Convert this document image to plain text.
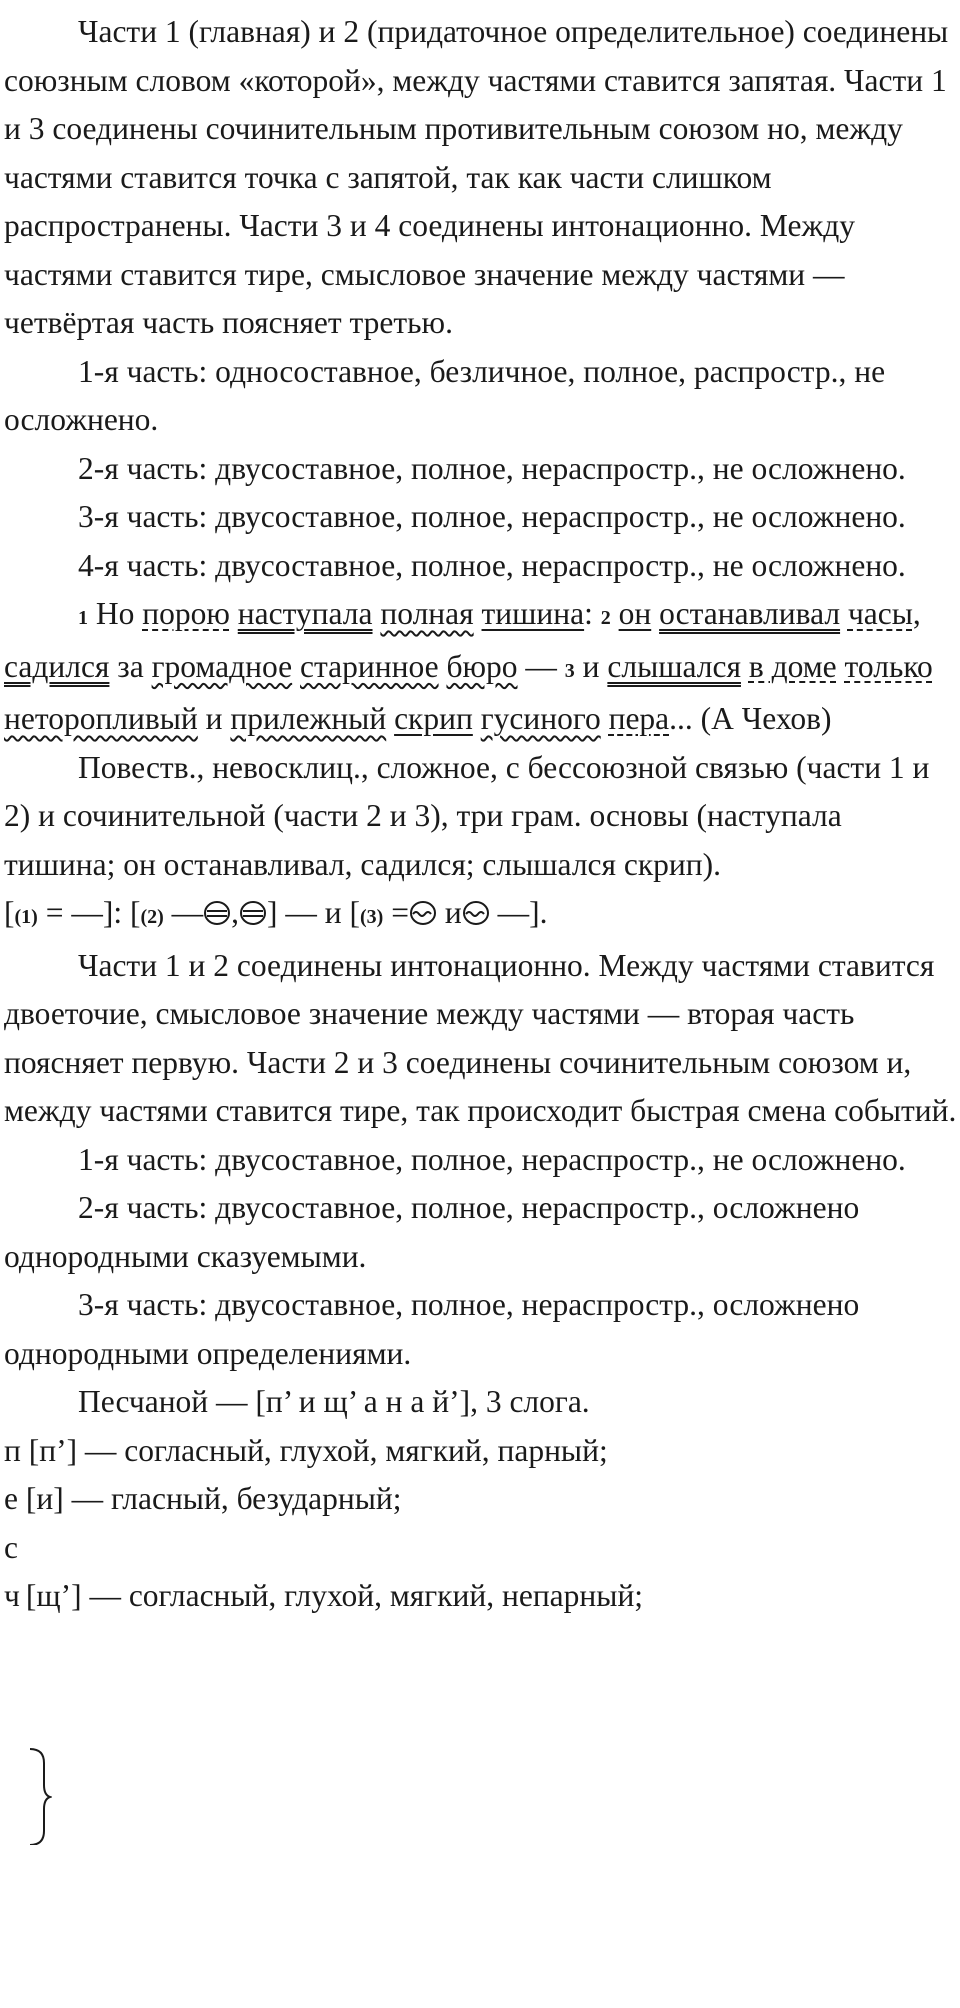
Части 1 (главная) и 2 (придаточное определительное) соединены союзным словом «которой», между частями ставится запятая. Части 1 и 3 соединены сочинительным противительным союзом но, между частями ставится точка с запятой, так как части слишком распространены. Части 3 и 4 соединены интонационно. Между частями ставится тире, смысловое значение между частями — четвёртая часть поясняет третью.

1-я часть: односоставное, безличное, полное, распростр., не осложнено.

2-я часть: двусоставное, полное, нераспростр., не осложнено.

3-я часть: двусоставное, полное, нераспростр., не осложнено.

4-я часть: двусоставное, полное, нераспростр., не осложнено.

1 Но порою наступала полная тишина: 2 он останавливал часы, садился за громадное старинное бюро — 3 и слышался в доме только неторопливый и прилежный скрип гусиного пера... (А Чехов)

Повеств., невосклиц., сложное, с бессоюзной связью (части 1 и 2) и сочинительной (части 2 и 3), три грам. основы (наступала тишина; он останавливал, садился; слышался скрип).

[(1) = —]: [(2) — , ] — и [(3) = и —].

Части 1 и 2 соединены интонационно. Между частями ставится двоеточие, смысловое значение между частями — вторая часть поясняет первую. Части 2 и 3 соединены сочинительным союзом и, между частями ставится тире, так происходит быстрая смена событий.

1-я часть: двусоставное, полное, нераспростр., не осложнено.

2-я часть: двусоставное, полное, нераспростр., осложнено однородными сказуемыми.

3-я часть: двусоставное, полное, нераспростр., осложнено однородными определениями.

Песчаной — [п’ и щ’ а н а й’], 3 слога.

п [п’] — согласный, глухой, мягкий, парный;

е [и] — гласный, безударный;

с

ч [щ’] — согласный, глухой, мягкий, непарный;
